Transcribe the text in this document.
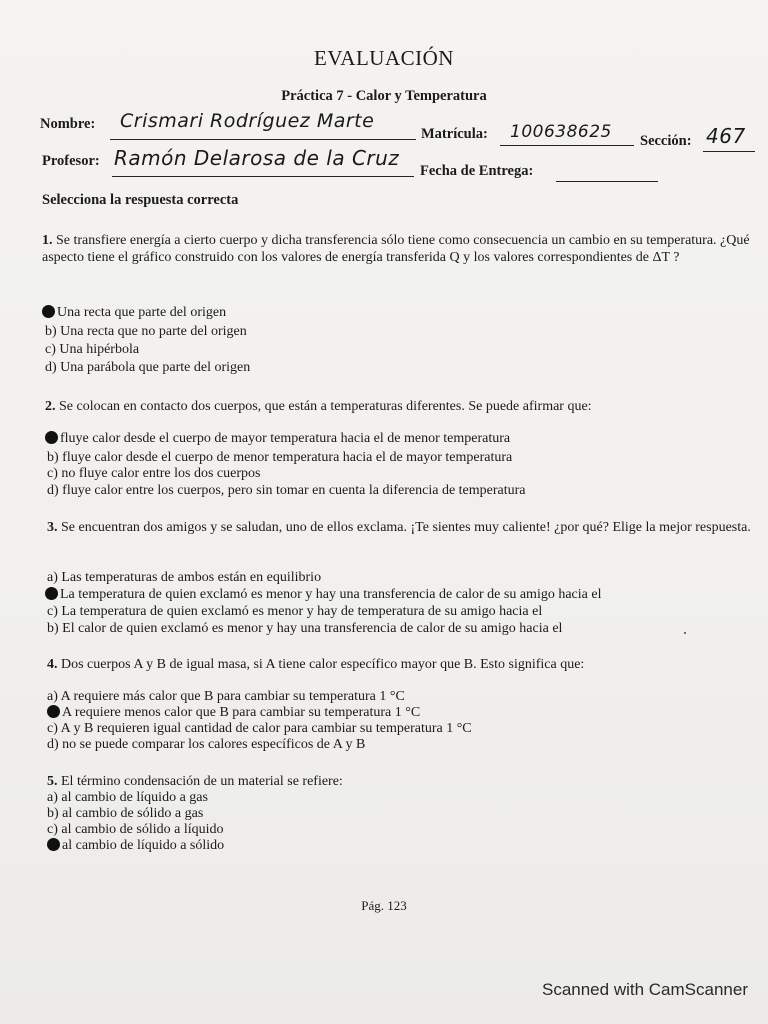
EVALUACIÓN
Práctica 7 - Calor y Temperatura
Nombre: Crismari Rodríguez Marte
Matrícula: 100638625 Sección: 467
Profesor: Ramón Delarosa de la Cruz
Fecha de Entrega:
Selecciona la respuesta correcta
1. Se transfiere energía a cierto cuerpo y dicha transferencia sólo tiene como consecuencia un cambio en su temperatura. ¿Qué aspecto tiene el gráfico construido con los valores de energía transferida Q y los valores correspondientes de ΔT ?
Una recta que parte del origen
b) Una recta que no parte del origen
c) Una hipérbola
d) Una parábola que parte del origen
2. Se colocan en contacto dos cuerpos, que están a temperaturas diferentes. Se puede afirmar que:
fluye calor desde el cuerpo de mayor temperatura hacia el de menor temperatura
b) fluye calor desde el cuerpo de menor temperatura hacia el de mayor temperatura
c) no fluye calor entre los dos cuerpos
d) fluye calor entre los cuerpos, pero sin tomar en cuenta la diferencia de temperatura
3. Se encuentran dos amigos y se saludan, uno de ellos exclama. ¡Te sientes muy caliente! ¿por qué? Elige la mejor respuesta.
a) Las temperaturas de ambos están en equilibrio
La temperatura de quien exclamó es menor y hay una transferencia de calor de su amigo hacia el
c) La temperatura de quien exclamó es menor y hay de temperatura de su amigo hacia el
b) El calor de quien exclamó es menor y hay una transferencia de calor de su amigo hacia el
4. Dos cuerpos A y B de igual masa, si A tiene calor específico mayor que B. Esto significa que:
a) A requiere más calor que B para cambiar su temperatura 1 °C
A requiere menos calor que B para cambiar su temperatura 1 °C
c) A y B requieren igual cantidad de calor para cambiar su temperatura 1 °C
d) no se puede comparar los calores específicos de A y B
5. El término condensación de un material se refiere:
a) al cambio de líquido a gas
b) al cambio de sólido a gas
c) al cambio de sólido a líquido
al cambio de líquido a sólido
Pág. 123
Scanned with CamScanner
